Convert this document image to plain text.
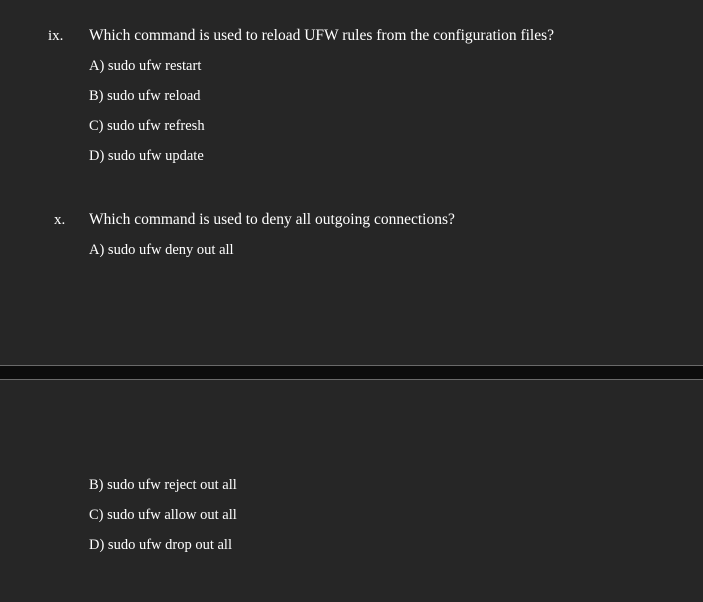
ix. Which command is used to reload UFW rules from the configuration files?
A) sudo ufw restart
B) sudo ufw reload
C) sudo ufw refresh
D) sudo ufw update
x. Which command is used to deny all outgoing connections?
A) sudo ufw deny out all
B) sudo ufw reject out all
C) sudo ufw allow out all
D) sudo ufw drop out all
